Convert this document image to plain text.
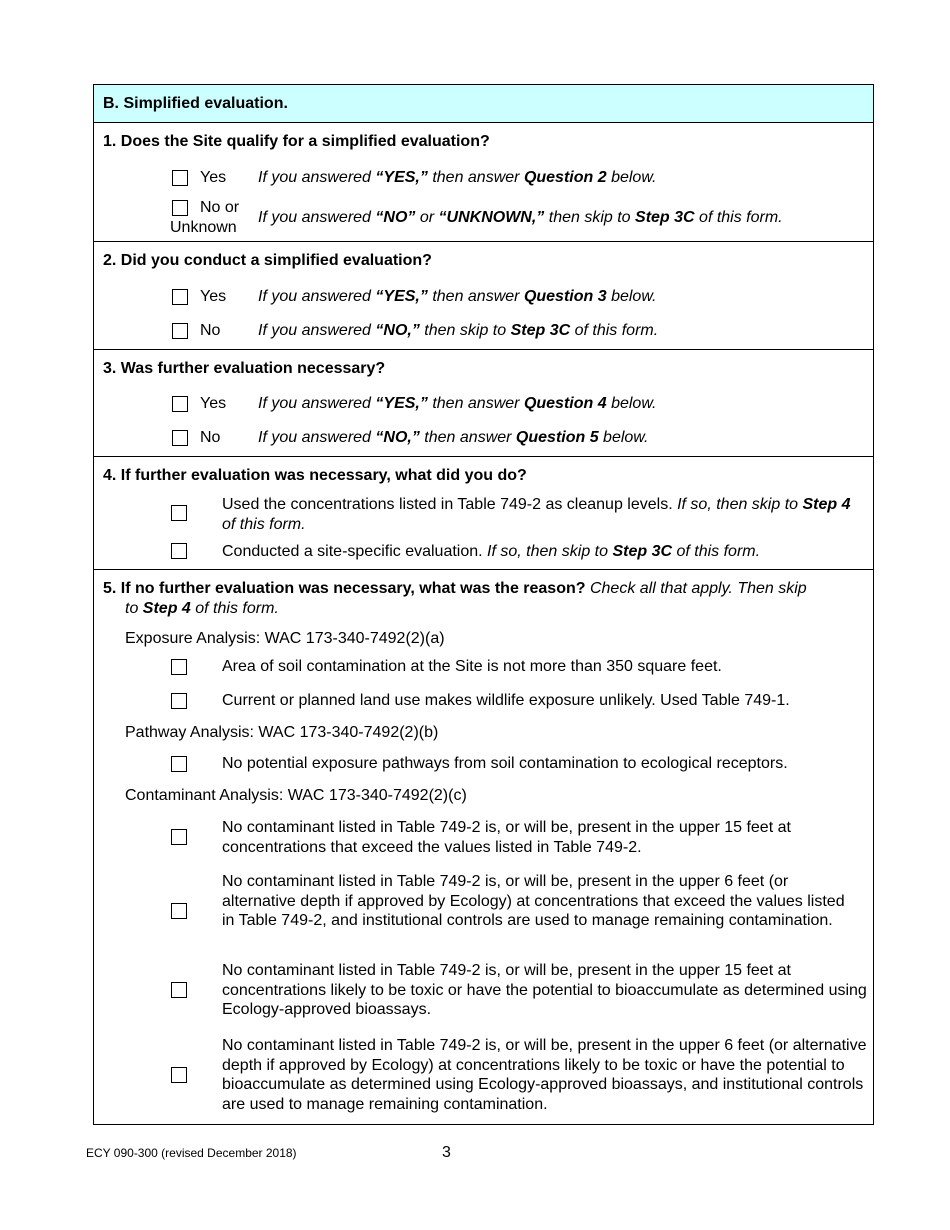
B. Simplified evaluation.
1. Does the Site qualify for a simplified evaluation?
Yes If you answered “YES,” then answer Question 2 below.
No or
Unknown
If you answered “NO” or “UNKNOWN,” then skip to Step 3C of this form.
2. Did you conduct a simplified evaluation?
Yes If you answered “YES,” then answer Question 3 below.
No If you answered “NO,” then skip to Step 3C of this form.
3. Was further evaluation necessary?
Yes If you answered “YES,” then answer Question 4 below.
No If you answered “NO,” then answer Question 5 below.
4. If further evaluation was necessary, what did you do?
Used the concentrations listed in Table 749-2 as cleanup levels. If so, then skip to Step 4 of this form.
Conducted a site-specific evaluation. If so, then skip to Step 3C of this form.
5. If no further evaluation was necessary, what was the reason? Check all that apply. Then skip
to Step 4 of this form.
Exposure Analysis: WAC 173-340-7492(2)(a)
Area of soil contamination at the Site is not more than 350 square feet.
Current or planned land use makes wildlife exposure unlikely. Used Table 749-1.
Pathway Analysis: WAC 173-340-7492(2)(b)
No potential exposure pathways from soil contamination to ecological receptors.
Contaminant Analysis: WAC 173-340-7492(2)(c)
No contaminant listed in Table 749-2 is, or will be, present in the upper 15 feet at concentrations that exceed the values listed in Table 749-2.
No contaminant listed in Table 749-2 is, or will be, present in the upper 6 feet (or alternative depth if approved by Ecology) at concentrations that exceed the values listed in Table 749-2, and institutional controls are used to manage remaining contamination.
No contaminant listed in Table 749-2 is, or will be, present in the upper 15 feet at concentrations likely to be toxic or have the potential to bioaccumulate as determined using Ecology-approved bioassays.
No contaminant listed in Table 749-2 is, or will be, present in the upper 6 feet (or alternative depth if approved by Ecology) at concentrations likely to be toxic or have the potential to bioaccumulate as determined using Ecology-approved bioassays, and institutional controls are used to manage remaining contamination.
ECY 090-300 (revised December 2018)	3
